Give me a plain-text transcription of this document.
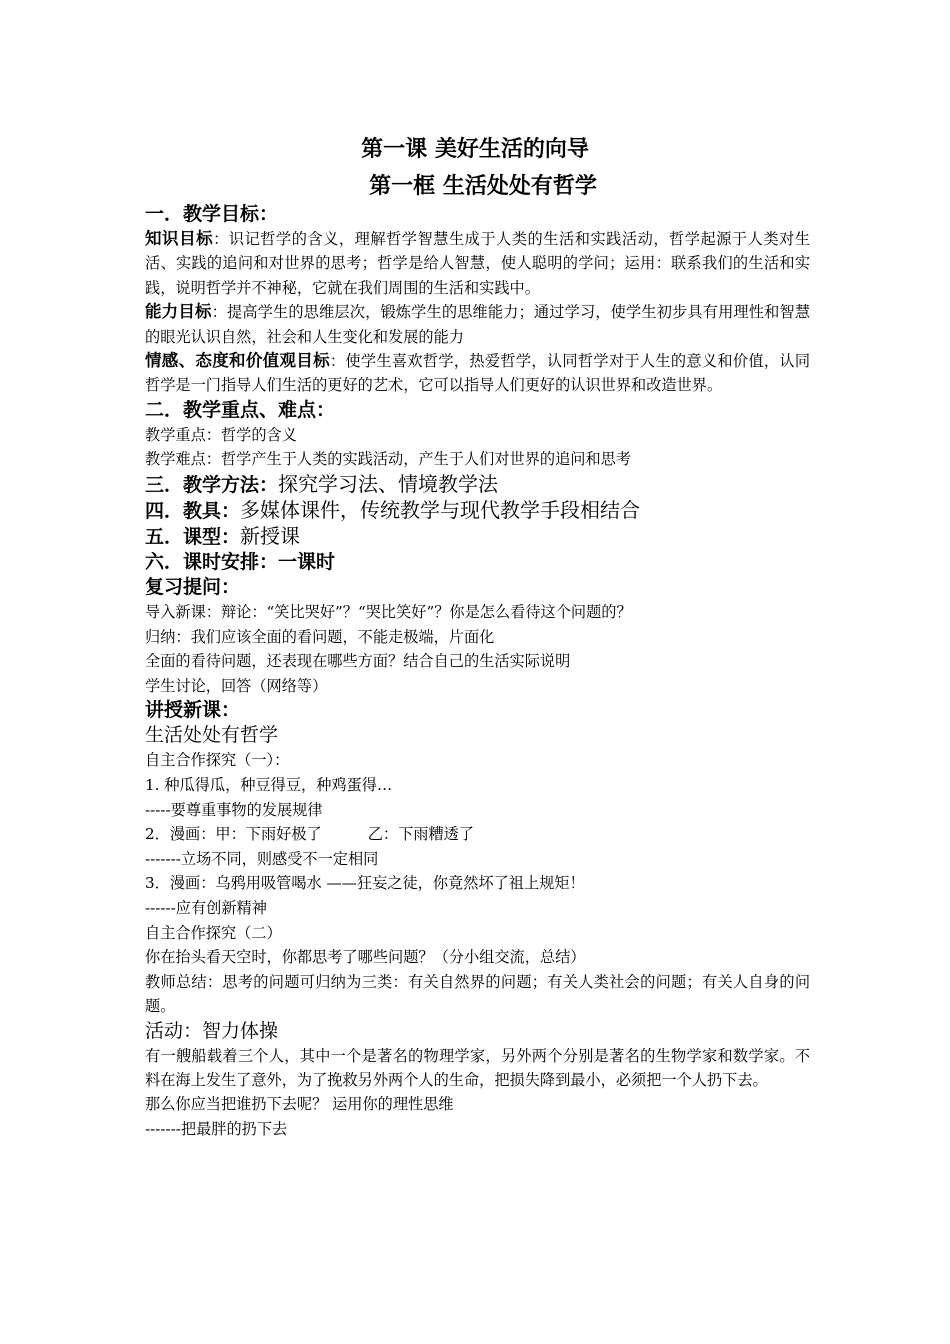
第一课 美好生活的向导
第一框 生活处处有哲学
一．教学目标：
知识目标：识记哲学的含义，理解哲学智慧生成于人类的生活和实践活动，哲学起源于人类对生活、实践的追问和对世界的思考；哲学是给人智慧，使人聪明的学问；运用：联系我们的生活和实践，说明哲学并不神秘，它就在我们周围的生活和实践中。
能力目标：提高学生的思维层次，锻炼学生的思维能力；通过学习，使学生初步具有用理性和智慧的眼光认识自然，社会和人生变化和发展的能力
情感、态度和价值观目标：使学生喜欢哲学，热爱哲学，认同哲学对于人生的意义和价值，认同哲学是一门指导人们生活的更好的艺术，它可以指导人们更好的认识世界和改造世界。
二．教学重点、难点：
教学重点：哲学的含义
教学难点：哲学产生于人类的实践活动，产生于人们对世界的追问和思考
三．教学方法：探究学习法、情境教学法
四．教具：多媒体课件，传统教学与现代教学手段相结合
五．课型：新授课
六．课时安排：一课时
复习提问：
导入新课：辩论：“笑比哭好”？“哭比笑好”？你是怎么看待这个问题的？
归纳：我们应该全面的看问题，不能走极端，片面化
全面的看待问题，还表现在哪些方面？结合自己的生活实际说明
学生讨论，回答（网络等）
讲授新课：
生活处处有哲学
自主合作探究（一）：
1. 种瓜得瓜，种豆得豆，种鸡蛋得…
-----要尊重事物的发展规律
2．漫画：甲：下雨好极了	乙：下雨糟透了
-------立场不同，则感受不一定相同
3．漫画：乌鸦用吸管喝水 ——狂妄之徒，你竟然坏了祖上规矩！
------应有创新精神
自主合作探究（二）
你在抬头看天空时，你都思考了哪些问题？（分小组交流，总结）
教师总结：思考的问题可归纳为三类：有关自然界的问题；有关人类社会的问题；有关人自身的问题。
活动：智力体操
有一艘船载着三个人，其中一个是著名的物理学家，另外两个分别是著名的生物学家和数学家。不料在海上发生了意外，为了挽救另外两个人的生命，把损失降到最小，必须把一个人扔下去。
那么你应当把谁扔下去呢？ 运用你的理性思维
-------把最胖的扔下去
